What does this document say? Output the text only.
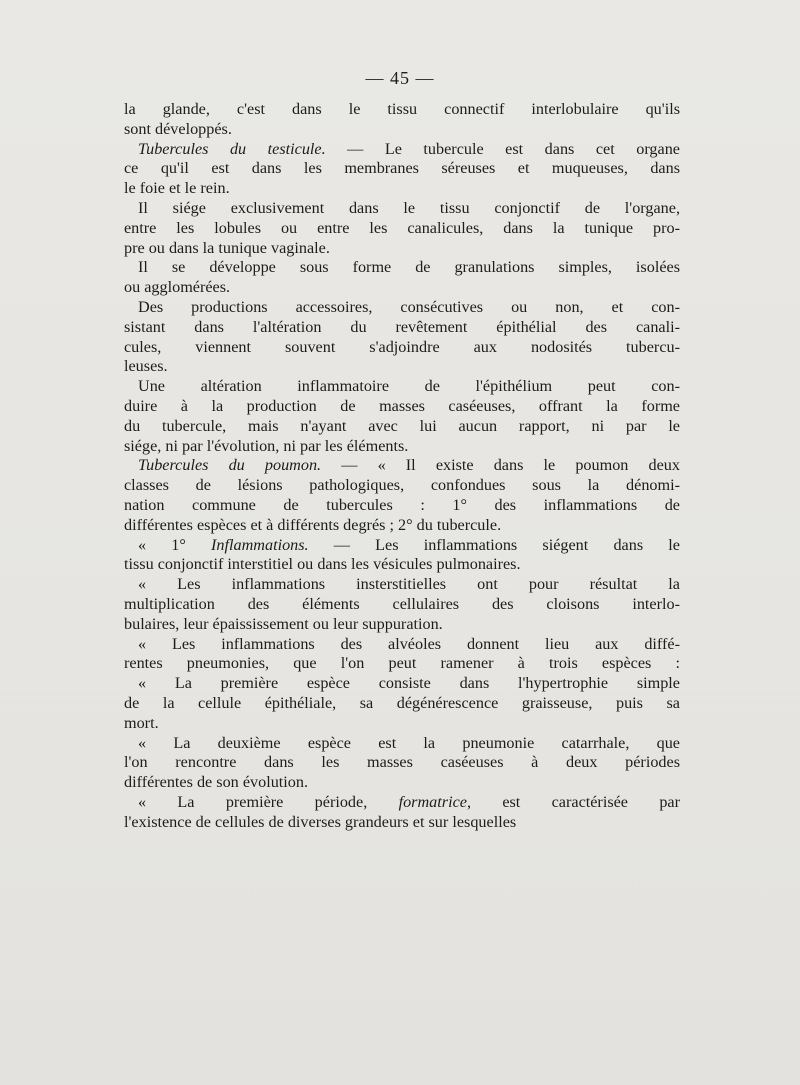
— 45 —
la glande, c'est dans le tissu connectif interlobulaire qu'ils
sont développés.
Tubercules du testicule. — Le tubercule est dans cet organe
ce qu'il est dans les membranes séreuses et muqueuses, dans
le foie et le rein.
Il siége exclusivement dans le tissu conjonctif de l'organe,
entre les lobules ou entre les canalicules, dans la tunique pro-
pre ou dans la tunique vaginale.
Il se développe sous forme de granulations simples, isolées
ou agglomérées.
Des productions accessoires, consécutives ou non, et con-
sistant dans l'altération du revêtement épithélial des canali-
cules, viennent souvent s'adjoindre aux nodosités tubercu-
leuses.
Une altération inflammatoire de l'épithélium peut con-
duire à la production de masses caséeuses, offrant la forme
du tubercule, mais n'ayant avec lui aucun rapport, ni par le
siége, ni par l'évolution, ni par les éléments.
Tubercules du poumon. — « Il existe dans le poumon deux
classes de lésions pathologiques, confondues sous la dénomi-
nation commune de tubercules : 1° des inflammations de
différentes espèces et à différents degrés ; 2° du tubercule.
« 1° Inflammations. — Les inflammations siégent dans le
tissu conjonctif interstitiel ou dans les vésicules pulmonaires.
« Les inflammations insterstitielles ont pour résultat la
multiplication des éléments cellulaires des cloisons interlo-
bulaires, leur épaississement ou leur suppuration.
« Les inflammations des alvéoles donnent lieu aux diffé-
rentes pneumonies, que l'on peut ramener à trois espèces :
« La première espèce consiste dans l'hypertrophie simple
de la cellule épithéliale, sa dégénérescence graisseuse, puis sa
mort.
« La deuxième espèce est la pneumonie catarrhale, que
l'on rencontre dans les masses caséeuses à deux périodes
différentes de son évolution.
« La première période, formatrice, est caractérisée par
l'existence de cellules de diverses grandeurs et sur lesquelles
